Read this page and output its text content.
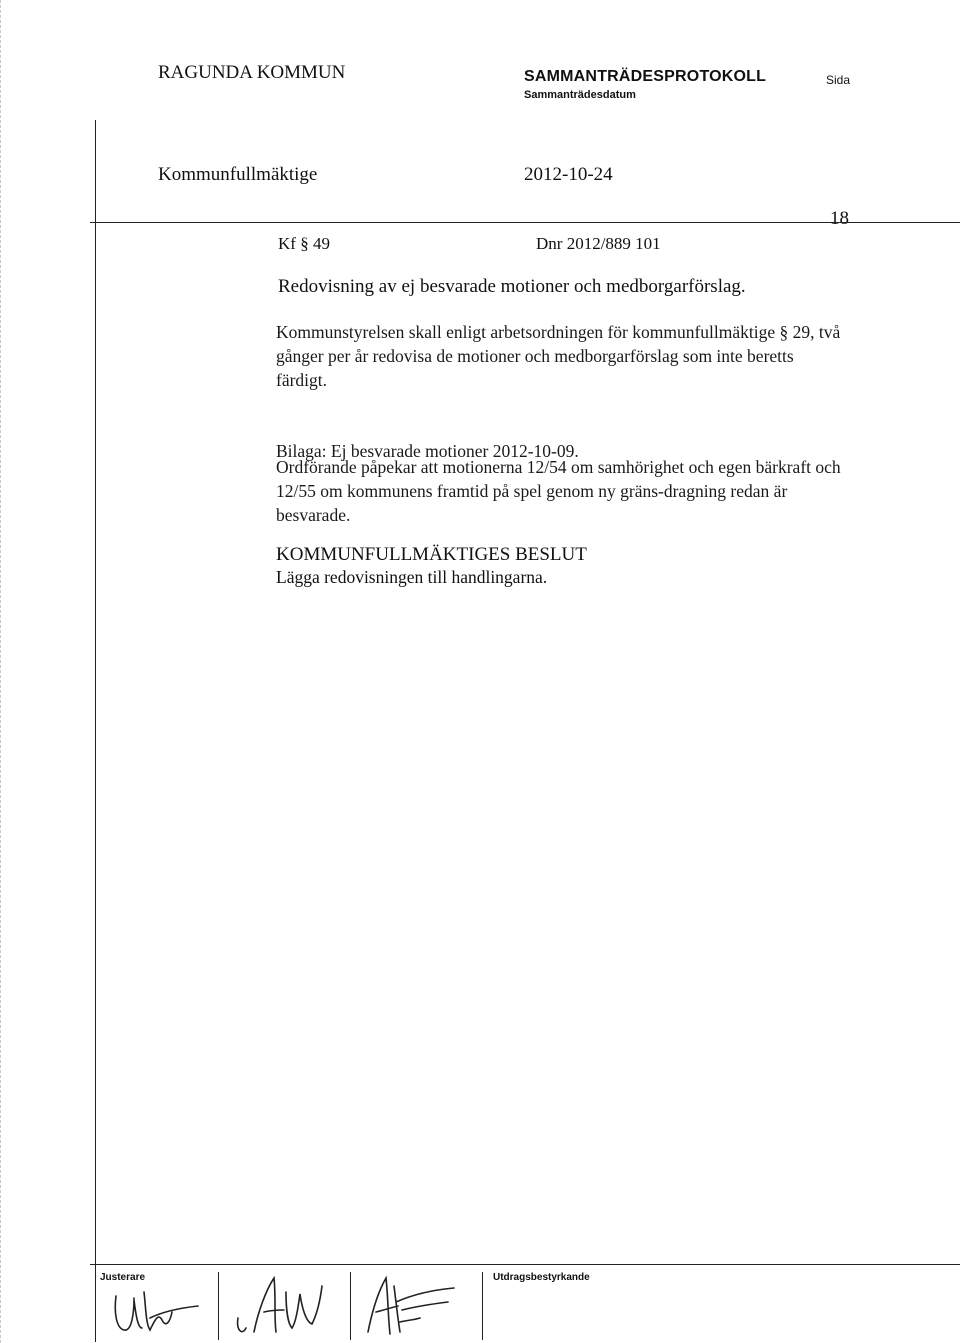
RAGUNDA KOMMUN	SAMMANTRÄDESPROTOKOLL
Sammanträdesdatum
Sida
Kommunfullmäktige	2012-10-24
18
Kf § 49	Dnr 2012/889 101
Redovisning av ej besvarade motioner och medborgarförslag.
Kommunstyrelsen skall enligt arbetsordningen för kommunfullmäktige § 29, två gånger per år redovisa de motioner och medborgarförslag som inte beretts färdigt.
Bilaga: Ej besvarade motioner 2012-10-09.
Ordförande påpekar att motionerna 12/54 om samhörighet och egen bärkraft och 12/55 om kommunens framtid på spel genom ny gräns-dragning redan är besvarade.
KOMMUNFULLMÄKTIGES BESLUT
Lägga redovisningen till handlingarna.
Justerare	Utdragsbestyrkande
